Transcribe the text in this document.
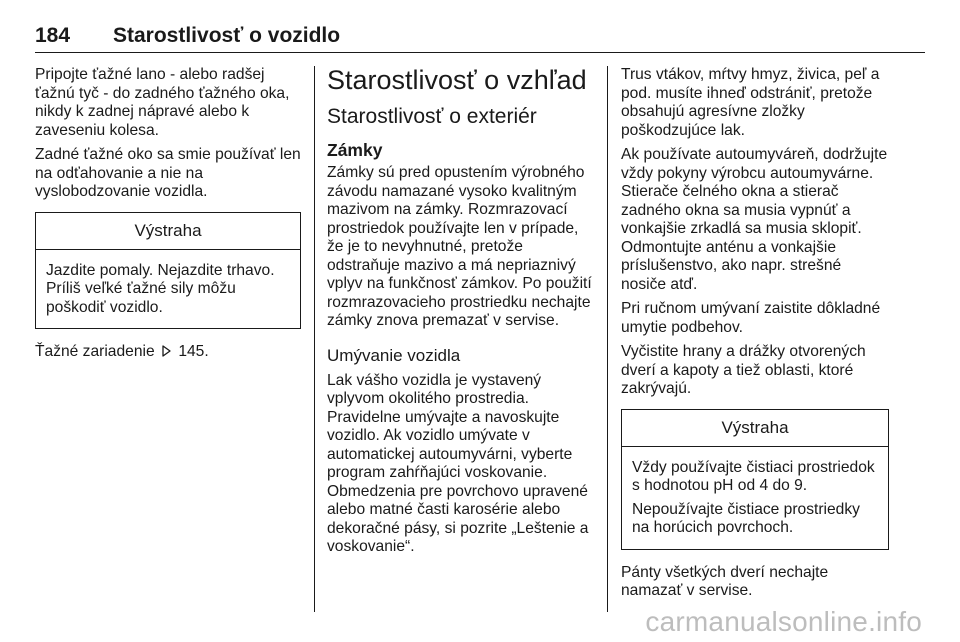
184 Starostlivosť o vozidlo

Pripojte ťažné lano - alebo radšej ťažnú tyč - do zadného ťažného oka, nikdy k zadnej nápravé alebo k zaveseniu kolesa.

Zadné ťažné oko sa smie používať len na odťahovanie a nie na vyslobodzovanie vozidla.

Výstraha

Jazdite pomaly. Nejazdite trhavo. Príliš veľké ťažné sily môžu poškodiť vozidlo.

Ťažné zariadenie 145.

Starostlivosť o vzhľad
Starostlivosť o exteriér
Zámky

Zámky sú pred opustením výrobného závodu namazané vysoko kvalitným mazivom na zámky. Rozmrazovací prostriedok používajte len v prípade, že je to nevyhnutné, pretože odstraňuje mazivo a má nepriaznivý vplyv na funkčnosť zámkov. Po použití rozmrazovacieho prostriedku nechajte zámky znova premazať v servise.

Umývanie vozidla

Lak vášho vozidla je vystavený vplyvom okolitého prostredia.

Pravidelne umývajte a navoskujte vozidlo. Ak vozidlo umývate v automatickej autoumyvárni, vyberte program zahŕňajúci voskovanie.

Obmedzenia pre povrchovo upravené alebo matné časti karosérie alebo dekoračné pásy, si pozrite „Leštenie a voskovanie“.

Trus vtákov, mŕtvy hmyz, živica, peľ a pod. musíte ihneď odstrániť, pretože obsahujú agresívne zložky poškodzujúce lak.

Ak používate autoumyváreň, dodržujte vždy pokyny výrobcu autoumyvárne. Stierače čelného okna a stierač zadného okna sa musia vypnúť a vonkajšie zrkadlá sa musia sklopiť. Odmontujte anténu a vonkajšie príslušenstvo, ako napr. strešné nosiče atď.

Pri ručnom umývaní zaistite dôkladné umytie podbehov.

Vyčistite hrany a drážky otvorených dverí a kapoty a tiež oblasti, ktoré zakrývajú.

Výstraha

Vždy používajte čistiaci prostriedok s hodnotou pH od 4 do 9.

Nepoužívajte čistiace prostriedky na horúcich povrchoch.

Pánty všetkých dverí nechajte namazať v servise.

carmanualsonline.info
